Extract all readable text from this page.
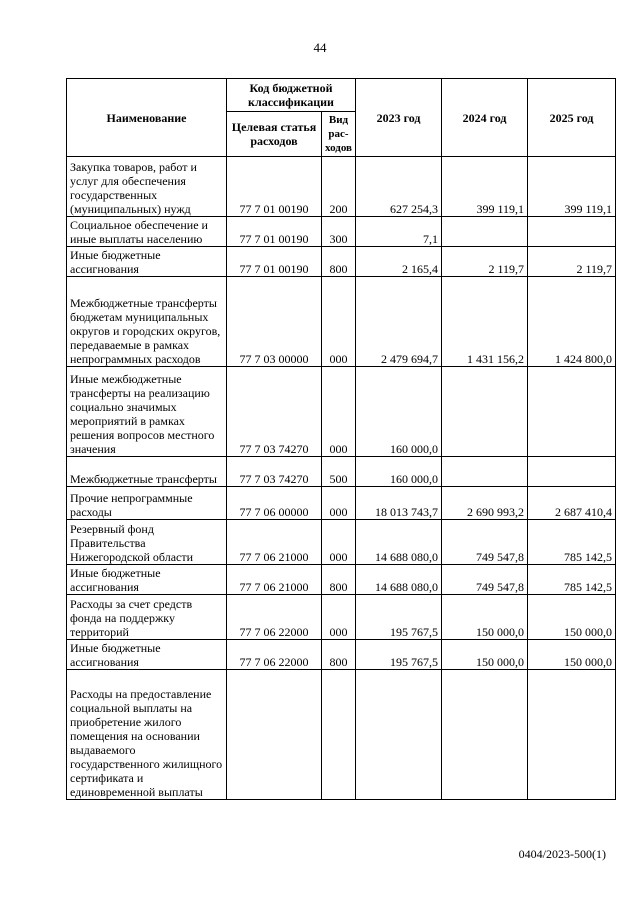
44
Наименование	Код бюджетной классификации		2023 год	2024 год	2025 год
	Целевая статья расходов	Вид рас-ходов			
Закупка товаров, работ и услуг для обеспечения государственных (муниципальных) нужд	77 7 01 00190	200	627 254,3	399 119,1	399 119,1
Социальное обеспечение и иные выплаты населению	77 7 01 00190	300	7,1		
Иные бюджетные ассигнования	77 7 01 00190	800	2 165,4	2 119,7	2 119,7
Межбюджетные трансферты бюджетам муниципальных округов и городских округов, передаваемые в рамках непрограммных расходов	77 7 03 00000	000	2 479 694,7	1 431 156,2	1 424 800,0
Иные межбюджетные трансферты на реализацию социально значимых мероприятий в рамках решения вопросов местного значения	77 7 03 74270	000	160 000,0		
Межбюджетные трансферты	77 7 03 74270	500	160 000,0		
Прочие непрограммные расходы	77 7 06 00000	000	18 013 743,7	2 690 993,2	2 687 410,4
Резервный фонд Правительства Нижегородской области	77 7 06 21000	000	14 688 080,0	749 547,8	785 142,5
Иные бюджетные ассигнования	77 7 06 21000	800	14 688 080,0	749 547,8	785 142,5
Расходы за счет средств фонда на поддержку территорий	77 7 06 22000	000	195 767,5	150 000,0	150 000,0
Иные бюджетные ассигнования	77 7 06 22000	800	195 767,5	150 000,0	150 000,0
Расходы на предоставление социальной выплаты на приобретение жилого помещения на основании выдаваемого государственного жилищного сертификата и единовременной выплаты					
0404/2023-500(1)
